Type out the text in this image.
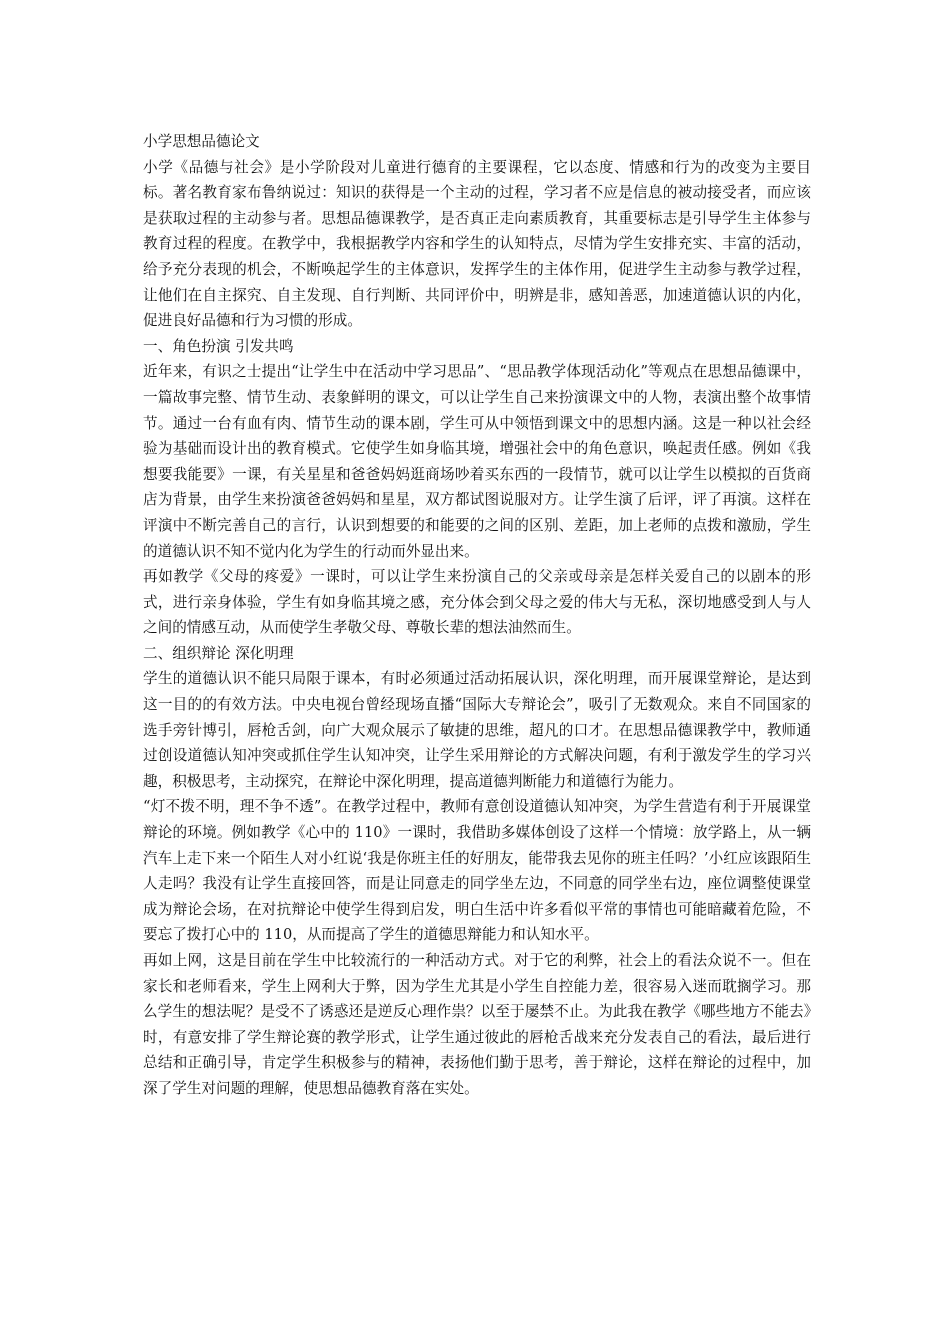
小学思想品德论文

小学《品德与社会》是小学阶段对儿童进行德育的主要课程，它以态度、情感和行为的改变为主要目标。著名教育家布鲁纳说过：知识的获得是一个主动的过程，学习者不应是信息的被动接受者，而应该是获取过程的主动参与者。思想品德课教学，是否真正走向素质教育，其重要标志是引导学生主体参与教育过程的程度。在教学中，我根据教学内容和学生的认知特点，尽情为学生安排充实、丰富的活动，给予充分表现的机会，不断唤起学生的主体意识，发挥学生的主体作用，促进学生主动参与教学过程，让他们在自主探究、自主发现、自行判断、共同评价中，明辨是非，感知善恶，加速道德认识的内化，促进良好品德和行为习惯的形成。

一、角色扮演 引发共鸣

近年来，有识之士提出“让学生中在活动中学习思品”、“思品教学体现活动化”等观点在思想品德课中，一篇故事完整、情节生动、表象鲜明的课文，可以让学生自己来扮演课文中的人物，表演出整个故事情节。通过一台有血有肉、情节生动的课本剧，学生可从中领悟到课文中的思想内涵。这是一种以社会经验为基础而设计出的教育模式。它使学生如身临其境，增强社会中的角色意识，唤起责任感。例如《我想要我能要》一课，有关星星和爸爸妈妈逛商场吵着买东西的一段情节，就可以让学生以模拟的百货商店为背景，由学生来扮演爸爸妈妈和星星，双方都试图说服对方。让学生演了后评，评了再演。这样在评演中不断完善自己的言行，认识到想要的和能要的之间的区别、差距，加上老师的点拨和激励，学生的道德认识不知不觉内化为学生的行动而外显出来。

再如教学《父母的疼爱》一课时，可以让学生来扮演自己的父亲或母亲是怎样关爱自己的以剧本的形式，进行亲身体验，学生有如身临其境之感，充分体会到父母之爱的伟大与无私，深切地感受到人与人之间的情感互动，从而使学生孝敬父母、尊敬长辈的想法油然而生。

二、组织辩论 深化明理

学生的道德认识不能只局限于课本，有时必须通过活动拓展认识，深化明理，而开展课堂辩论，是达到这一目的的有效方法。中央电视台曾经现场直播“国际大专辩论会”，吸引了无数观众。来自不同国家的选手旁针博引，唇枪舌剑，向广大观众展示了敏捷的思维，超凡的口才。在思想品德课教学中，教师通过创设道德认知冲突或抓住学生认知冲突，让学生采用辩论的方式解决问题，有利于激发学生的学习兴趣，积极思考，主动探究，在辩论中深化明理，提高道德判断能力和道德行为能力。

“灯不拨不明，理不争不透”。在教学过程中，教师有意创设道德认知冲突，为学生营造有利于开展课堂辩论的环境。例如教学《心中的 110》一课时，我借助多媒体创设了这样一个情境：放学路上，从一辆汽车上走下来一个陌生人对小红说‘我是你班主任的好朋友，能带我去见你的班主任吗？’小红应该跟陌生人走吗？我没有让学生直接回答，而是让同意走的同学坐左边，不同意的同学坐右边，座位调整使课堂成为辩论会场，在对抗辩论中使学生得到启发，明白生活中许多看似平常的事情也可能暗藏着危险，不要忘了拨打心中的 110，从而提高了学生的道德思辩能力和认知水平。

再如上网，这是目前在学生中比较流行的一种活动方式。对于它的利弊，社会上的看法众说不一。但在家长和老师看来，学生上网利大于弊，因为学生尤其是小学生自控能力差，很容易入迷而耽搁学习。那么学生的想法呢？是受不了诱惑还是逆反心理作祟？以至于屡禁不止。为此我在教学《哪些地方不能去》时，有意安排了学生辩论赛的教学形式，让学生通过彼此的唇枪舌战来充分发表自己的看法，最后进行总结和正确引导，肯定学生积极参与的精神，表扬他们勤于思考，善于辩论，这样在辩论的过程中，加深了学生对问题的理解，使思想品德教育落在实处。
